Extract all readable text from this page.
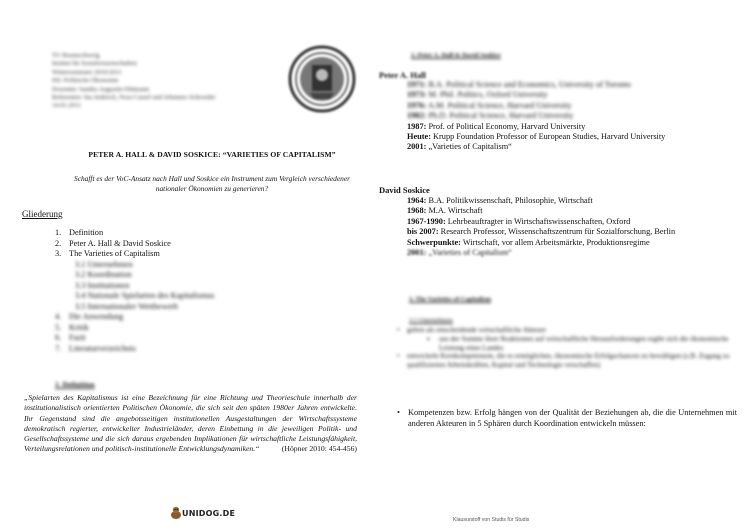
TU Braunschweig
Institut für Sozialwissenschaften
Wintersemester 2010/2011
HS: Politische Ökonomie
Dozentin: Sandra Augustin-Dittmann
Referenten: Ina Jenkirch, Nora Cassel und Johannes Schroeder
14.01.2011
PETER A. HALL & DAVID SOSKICE: “VARIETIES OF CAPITALISM”
Schafft es der VoC-Ansatz nach Hall und Soskice ein Instrument zum Vergleich verschiedener nationaler Ökonomien zu generieren?
Gliederung
1. Definition
2. Peter A. Hall & David Soskice
3. The Varieties of Capitalism
3.1 Unternehmen
3.2 Koordination
3.3 Institutionen
3.4 Nationale Spielarten des Kapitalismus
3.5 Internationaler Wettbewerb
4. Die Anwendung
5. Kritik
6. Fazit
7. Literaturverzeichnis
1. Definition
„Spielarten des Kapitalismus ist eine Bezeichnung für eine Richtung und Theorieschule innerhalb der institutionalistisch orientierten Politischen Ökonomie, die sich seit den späten 1980er Jahren entwickelte. Ihr Gegenstand sind die angebotsseitigen institutionellen Ausgestaltungen der Wirtschaftssysteme demokratisch regierter, entwickelter Industrieländer, deren Einbettung in die jeweiligen Politik- und Gesellschaftssysteme und die sich daraus ergebenden Implikationen für wirtschaftliche Leistungsfähigkeit, Verteilungsrelationen und politisch-institutionelle Entwicklungsdynamiken.“	(Höpner 2010: 454-456)
UNIDOG.DE
2. Peter A. Hall & David Soskice
Peter A. Hall
1971: B.A. Political Science and Economics, University of Toronto
1973: M. Phil. Politics, Oxford University
1976: A.M. Political Science, Harvard University
1982: Ph.D. Political Science, Harvard University
1987: Prof. of Political Economy, Harvard University
Heute: Krupp Foundation Professor of European Studies, Harvard University
2001: „Varieties of Capitalism“
David Soskice
1964: B.A. Politikwissenschaft, Philosophie, Wirtschaft
1968: M.A. Wirtschaft
1967-1990: Lehrbeauftragter in Wirtschaftswissenschaften, Oxford
bis 2007: Research Professor, Wissenschaftszentrum für Sozialforschung, Berlin
Schwerpunkte: Wirtschaft, vor allem Arbeitsmärkte, Produktionsregime
2001: „Varieties of Capitalism“
3. The Varieties of Capitalism
3.1 Unternehmen
• gelten als entscheidende wirtschaftliche Akteure
▪ aus der Summe ihrer Reaktionen auf wirtschaftliche Herausforderungen ergibt sich die ökonomische Leistung eines Landes
• entwickeln Kernkompetenzen, die es ermöglichen, ökonomische Erfolgschancen zu bewältigen (z.B. Zugang zu qualifizierten Arbeitskräften, Kapital und Technologie verschaffen)
• Kompetenzen bzw. Erfolg hängen von der Qualität der Beziehungen ab, die die Unternehmen mit anderen Akteuren in 5 Sphären durch Koordination entwickeln müssen:
Klausurstoff von Studis für Studis
